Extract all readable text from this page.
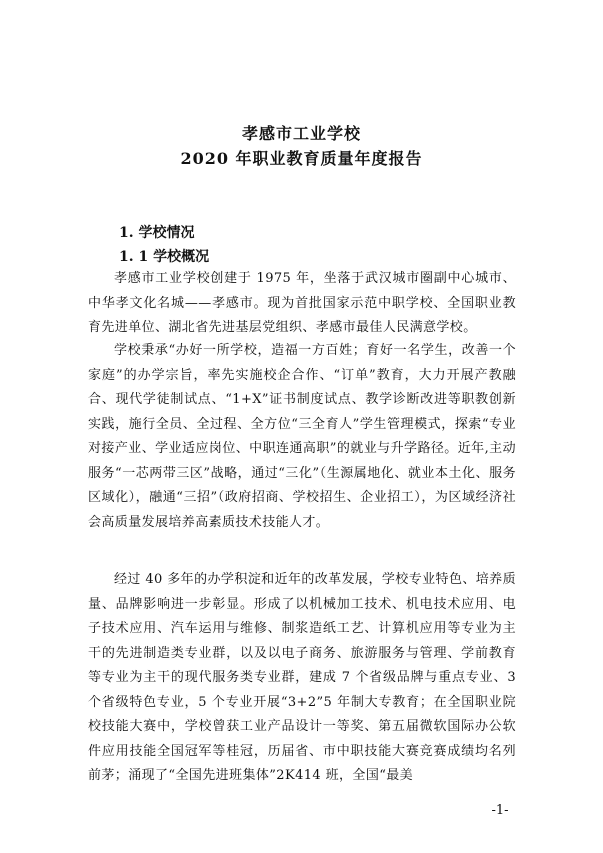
孝感市工业学校
2020 年职业教育质量年度报告
1. 学校情况
1. 1 学校概况

孝感市工业学校创建于 1975 年，坐落于武汉城市圈副中心城市、中华孝文化名城——孝感市。现为首批国家示范中职学校、全国职业教育先进单位、湖北省先进基层党组织、孝感市最佳人民满意学校。

学校秉承“办好一所学校，造福一方百姓；育好一名学生，改善一个家庭”的办学宗旨，率先实施校企合作、“订单”教育，大力开展产教融合、现代学徒制试点、“1+X”证书制度试点、教学诊断改进等职教创新实践，施行全员、全过程、全方位“三全育人”学生管理模式，探索“专业对接产业、学业适应岗位、中职连通高职”的就业与升学路径。近年,主动服务“一芯两带三区”战略，通过“三化”（生源属地化、就业本土化、服务区域化），融通“三招”（政府招商、学校招生、企业招工），为区域经济社会高质量发展培养高素质技术技能人才。

经过 40 多年的办学积淀和近年的改革发展，学校专业特色、培养质量、品牌影响进一步彰显。形成了以机械加工技术、机电技术应用、电子技术应用、汽车运用与维修、制浆造纸工艺、计算机应用等专业为主干的先进制造类专业群，以及以电子商务、旅游服务与管理、学前教育等专业为主干的现代服务类专业群，建成 7 个省级品牌与重点专业、3 个省级特色专业，5 个专业开展“3+2”5 年制大专教育；在全国职业院校技能大赛中，学校曾获工业产品设计一等奖、第五届微软国际办公软件应用技能全国冠军等桂冠，历届省、市中职技能大赛竞赛成绩均名列前茅；涌现了“全国先进班集体”2K414 班，全国“最美

-1-
